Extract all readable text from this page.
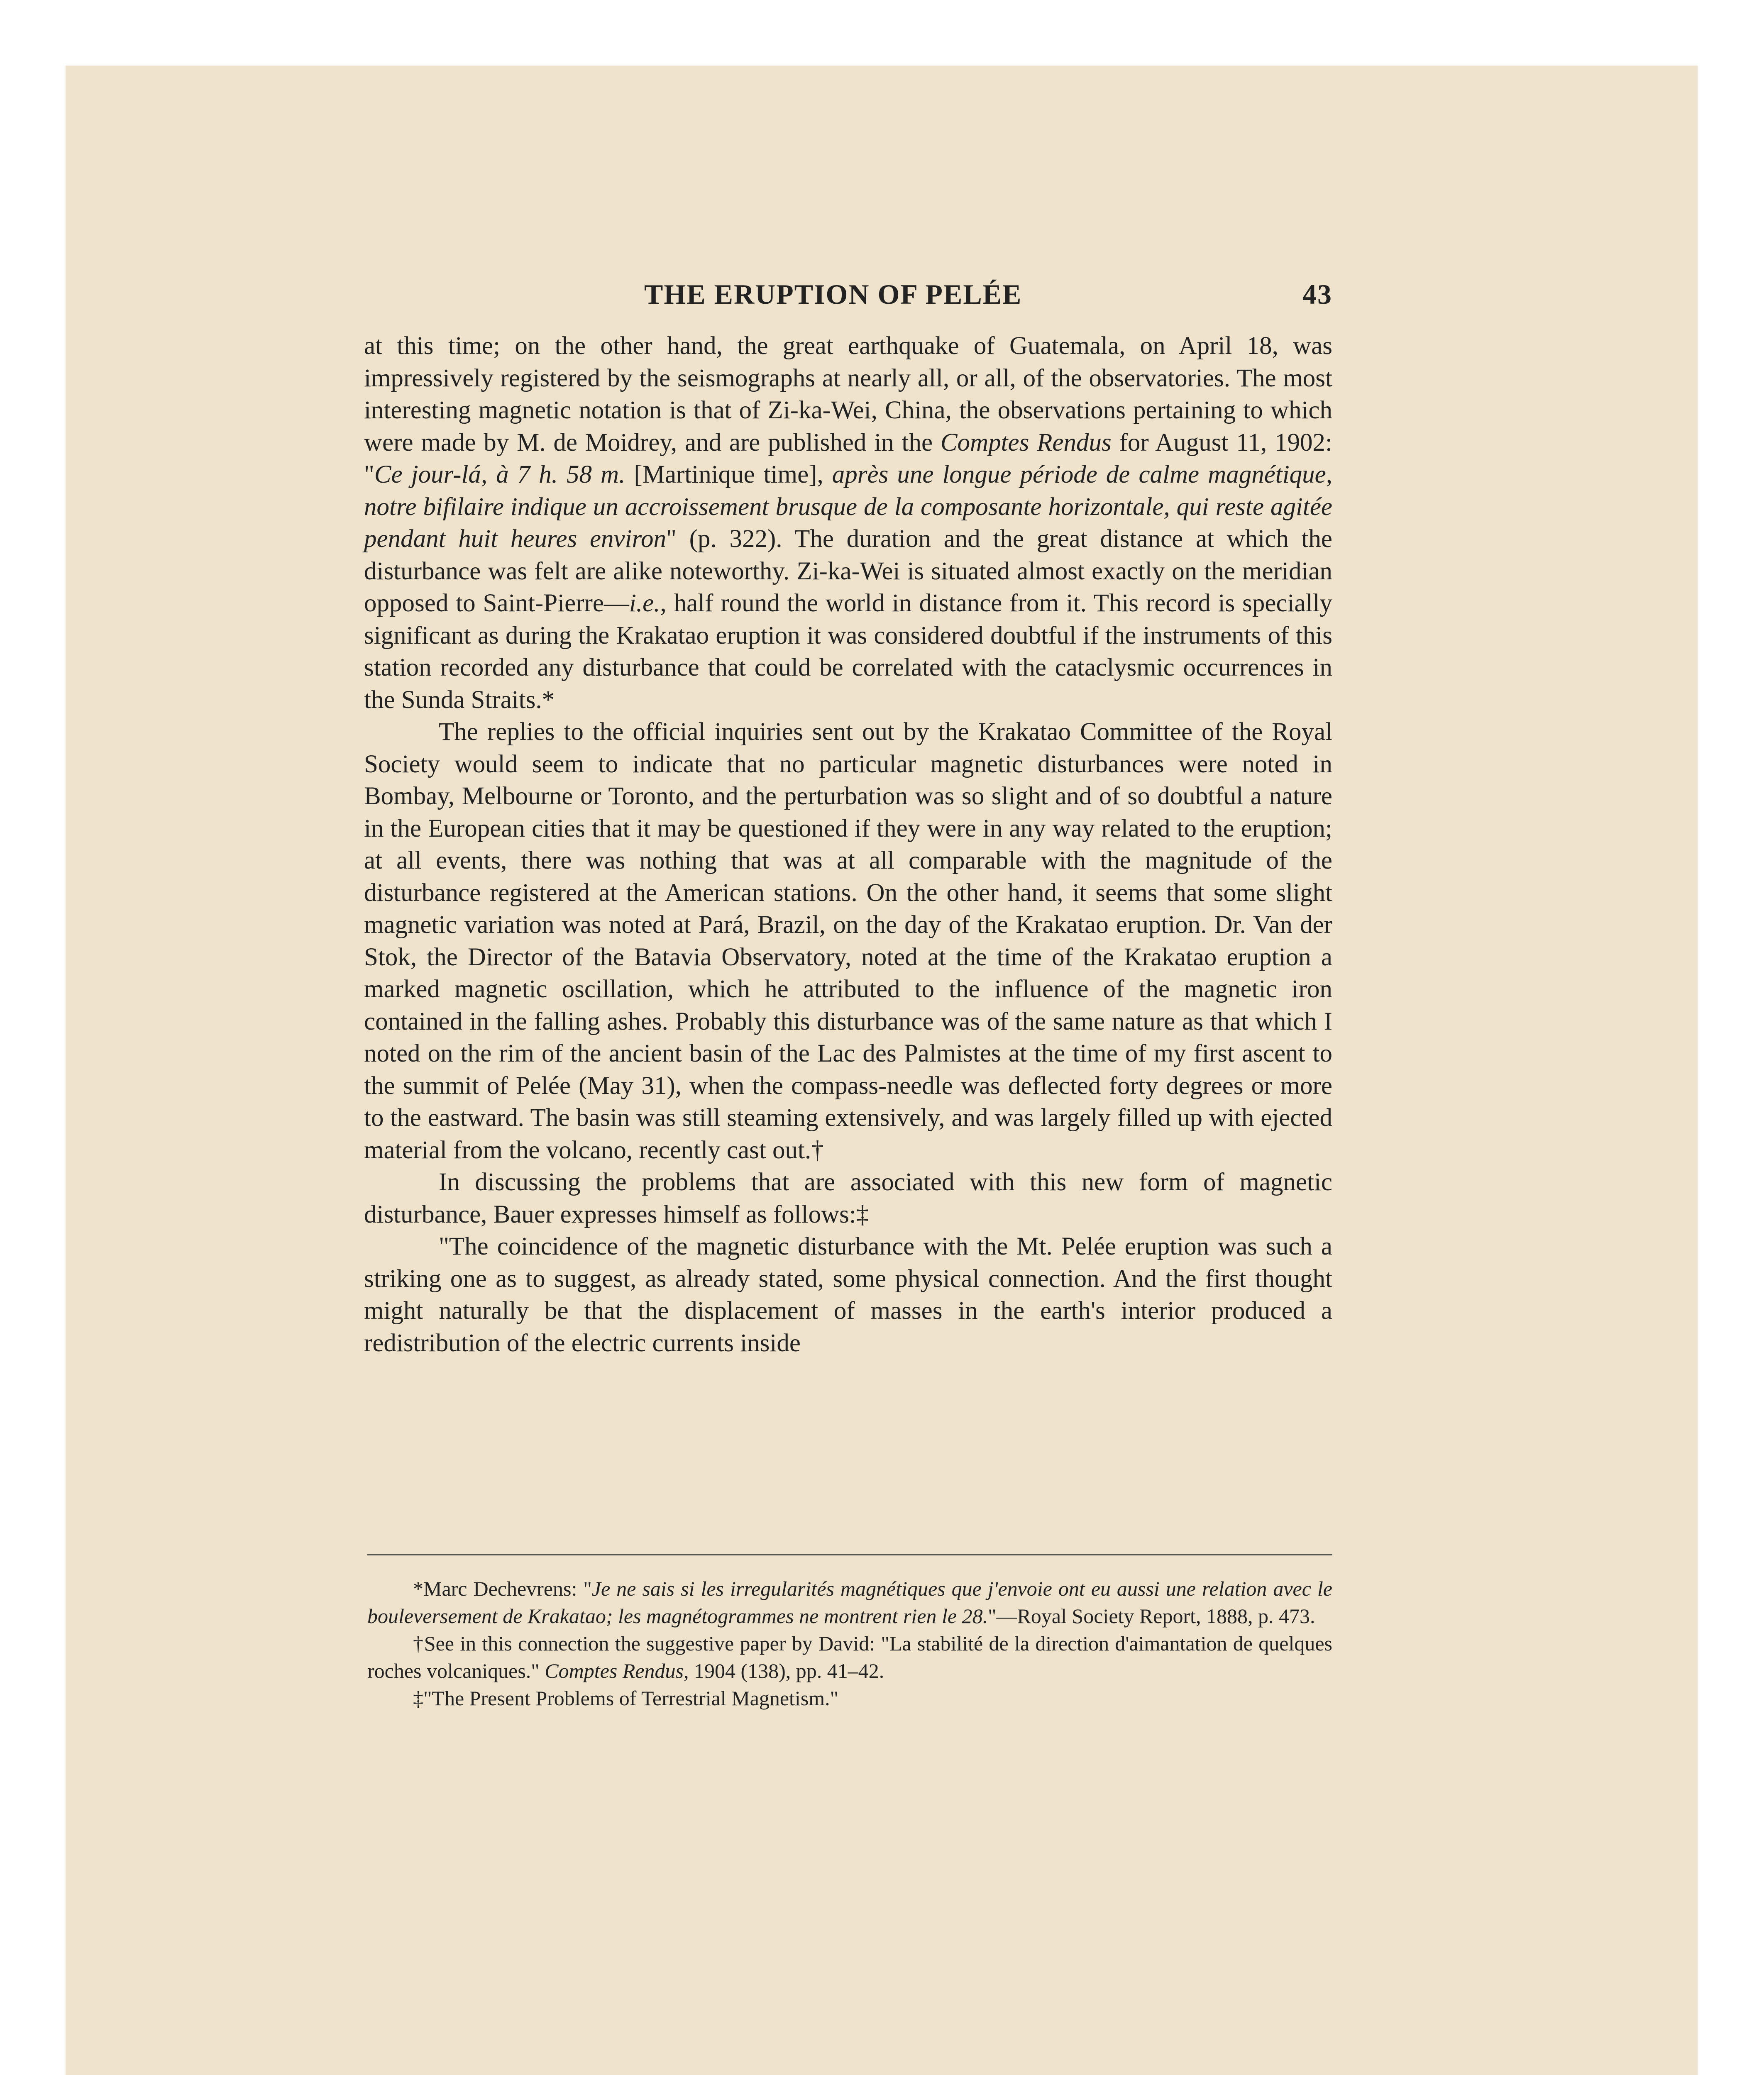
THE ERUPTION OF PELÉE	43

at this time; on the other hand, the great earthquake of Guatemala, on April 18, was impressively registered by the seismographs at nearly all, or all, of the observatories. The most interesting magnetic notation is that of Zi-ka-Wei, China, the observations pertaining to which were made by M. de Moidrey, and are published in the Comptes Rendus for August 11, 1902: "Ce jour-lá, à 7 h. 58 m. [Martinique time], après une longue période de calme magnétique, notre bifilaire indique un accroissement brusque de la composante horizontale, qui reste agitée pendant huit heures environ" (p. 322). The duration and the great distance at which the disturbance was felt are alike noteworthy. Zi-ka-Wei is situated almost exactly on the meridian opposed to Saint-Pierre—i.e., half round the world in distance from it. This record is specially significant as during the Krakatao eruption it was considered doubtful if the instruments of this station recorded any disturbance that could be correlated with the cataclysmic occurrences in the Sunda Straits.*

The replies to the official inquiries sent out by the Krakatao Committee of the Royal Society would seem to indicate that no particular magnetic disturbances were noted in Bombay, Melbourne or Toronto, and the perturbation was so slight and of so doubtful a nature in the European cities that it may be questioned if they were in any way related to the eruption; at all events, there was nothing that was at all comparable with the magnitude of the disturbance registered at the American stations. On the other hand, it seems that some slight magnetic variation was noted at Pará, Brazil, on the day of the Krakatao eruption. Dr. Van der Stok, the Director of the Batavia Observatory, noted at the time of the Krakatao eruption a marked magnetic oscillation, which he attributed to the influence of the magnetic iron contained in the falling ashes. Probably this disturbance was of the same nature as that which I noted on the rim of the ancient basin of the Lac des Palmistes at the time of my first ascent to the summit of Pelée (May 31), when the compass-needle was deflected forty degrees or more to the eastward. The basin was still steaming extensively, and was largely filled up with ejected material from the volcano, recently cast out.†

In discussing the problems that are associated with this new form of magnetic disturbance, Bauer expresses himself as follows:‡

"The coincidence of the magnetic disturbance with the Mt. Pelée eruption was such a striking one as to suggest, as already stated, some physical connection. And the first thought might naturally be that the displacement of masses in the earth's interior produced a redistribution of the electric currents inside

*Marc Dechevrens: "Je ne sais si les irregularités magnétiques que j'envoie ont eu aussi une relation avec le bouleversement de Krakatao; les magnétogrammes ne montrent rien le 28."—Royal Society Report, 1888, p. 473.

†See in this connection the suggestive paper by David: "La stabilité de la direction d'aimantation de quelques roches volcaniques." Comptes Rendus, 1904 (138), pp. 41–42.

‡"The Present Problems of Terrestrial Magnetism."
